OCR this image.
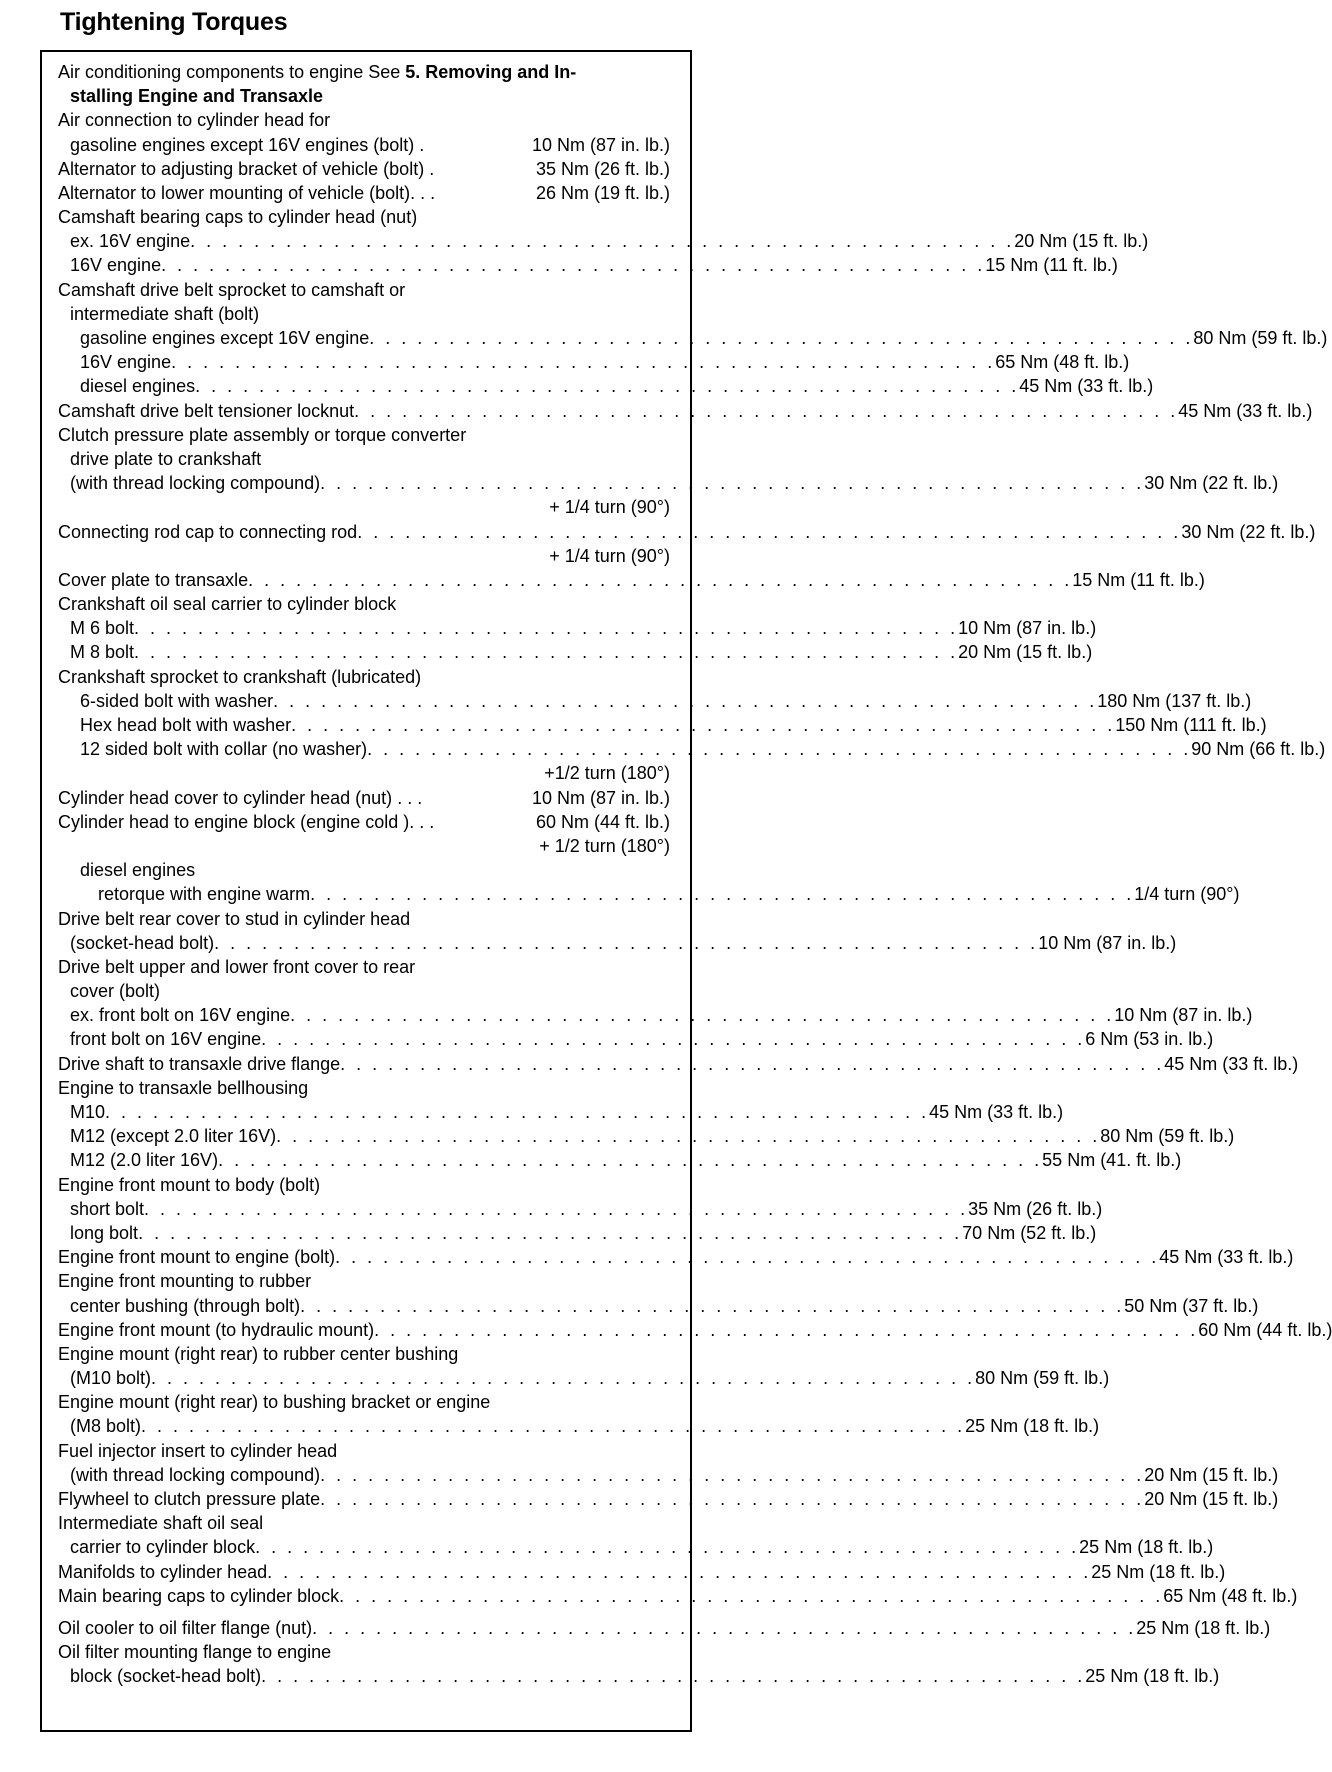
Tightening Torques
Air conditioning components to engine See 5. Removing and In-
stalling Engine and Transaxle
Air connection to cylinder head for
gasoline engines except 16V engines (bolt) .	10 Nm (87 in. lb.)
Alternator to adjusting bracket of vehicle (bolt) .	35 Nm (26 ft. lb.)
Alternator to lower mounting of vehicle (bolt) . . .	26 Nm (19 ft. lb.)
Camshaft bearing caps to cylinder head (nut)
ex. 16V engine . . . . . . . . . . . . . . . . . . . . . . . . . . . . . . . . . . . . . . . . . . . . . . . . . . . . 20 Nm (15 ft. lb.)
16V engine . . . . . . . . . . . . . . . . . . . . . . . . . . . . . . . . . . . . . . . . . . . . . . . . . . . . 15 Nm (11 ft. lb.)
Camshaft drive belt sprocket to camshaft or
intermediate shaft (bolt)
gasoline engines except 16V engine . . . . . . . . . . . . . . . . . . . . . . . . . . . . . . . . . . . . . . . . . . . . . . . . . . . . 80 Nm (59 ft. lb.)
16V engine . . . . . . . . . . . . . . . . . . . . . . . . . . . . . . . . . . . . . . . . . . . . . . . . . . . . 65 Nm (48 ft. lb.)
diesel engines . . . . . . . . . . . . . . . . . . . . . . . . . . . . . . . . . . . . . . . . . . . . . . . . . . . . 45 Nm (33 ft. lb.)
Camshaft drive belt tensioner locknut . . . . . . . . . . . . . . . . . . . . . . . . . . . . . . . . . . . . . . . . . . . . . . . . . . . . 45 Nm (33 ft. lb.)
Clutch pressure plate assembly or torque converter
drive plate to crankshaft
(with thread locking compound) . . . . . . . . . . . . . . . . . . . . . . . . . . . . . . . . . . . . . . . . . . . . . . . . . . . . 30 Nm (22 ft. lb.)
+ 1/4 turn (90°)
Connecting rod cap to connecting rod . . . . . . . . . . . . . . . . . . . . . . . . . . . . . . . . . . . . . . . . . . . . . . . . . . . . 30 Nm (22 ft. lb.)
+ 1/4 turn (90°)
Cover plate to transaxle . . . . . . . . . . . . . . . . . . . . . . . . . . . . . . . . . . . . . . . . . . . . . . . . . . . . 15 Nm (11 ft. lb.)
Crankshaft oil seal carrier to cylinder block
M 6 bolt . . . . . . . . . . . . . . . . . . . . . . . . . . . . . . . . . . . . . . . . . . . . . . . . . . . . 10 Nm (87 in. lb.)
M 8 bolt . . . . . . . . . . . . . . . . . . . . . . . . . . . . . . . . . . . . . . . . . . . . . . . . . . . . 20 Nm (15 ft. lb.)
Crankshaft sprocket to crankshaft (lubricated)
6-sided bolt with washer . . . . . . . . . . . . . . . . . . . . . . . . . . . . . . . . . . . . . . . . . . . . . . . . . . . . 180 Nm (137 ft. lb.)
Hex head bolt with washer . . . . . . . . . . . . . . . . . . . . . . . . . . . . . . . . . . . . . . . . . . . . . . . . . . . . 150 Nm (111 ft. lb.)
12 sided bolt with collar (no washer) . . . . . . . . . . . . . . . . . . . . . . . . . . . . . . . . . . . . . . . . . . . . . . . . . . . . 90 Nm (66 ft. lb.)
+1/2 turn (180°)
Cylinder head cover to cylinder head (nut) . . .	10 Nm (87 in. lb.)
Cylinder head to engine block (engine cold ) . . .	60 Nm (44 ft. lb.)
+ 1/2 turn (180°)
diesel engines
retorque with engine warm . . . . . . . . . . . . . . . . . . . . . . . . . . . . . . . . . . . . . . . . . . . . . . . . . . . . 1/4 turn (90°)
Drive belt rear cover to stud in cylinder head
(socket-head bolt) . . . . . . . . . . . . . . . . . . . . . . . . . . . . . . . . . . . . . . . . . . . . . . . . . . . . 10 Nm (87 in. lb.)
Drive belt upper and lower front cover to rear
cover (bolt)
ex. front bolt on 16V engine . . . . . . . . . . . . . . . . . . . . . . . . . . . . . . . . . . . . . . . . . . . . . . . . . . . . 10 Nm (87 in. lb.)
front bolt on 16V engine . . . . . . . . . . . . . . . . . . . . . . . . . . . . . . . . . . . . . . . . . . . . . . . . . . . . 6 Nm (53 in. lb.)
Drive shaft to transaxle drive flange . . . . . . . . . . . . . . . . . . . . . . . . . . . . . . . . . . . . . . . . . . . . . . . . . . . . 45 Nm (33 ft. lb.)
Engine to transaxle bellhousing
M10 . . . . . . . . . . . . . . . . . . . . . . . . . . . . . . . . . . . . . . . . . . . . . . . . . . . . 45 Nm (33 ft. lb.)
M12 (except 2.0 liter 16V) . . . . . . . . . . . . . . . . . . . . . . . . . . . . . . . . . . . . . . . . . . . . . . . . . . . . 80 Nm (59 ft. lb.)
M12 (2.0 liter 16V) . . . . . . . . . . . . . . . . . . . . . . . . . . . . . . . . . . . . . . . . . . . . . . . . . . . . 55 Nm (41. ft. lb.)
Engine front mount to body (bolt)
short bolt . . . . . . . . . . . . . . . . . . . . . . . . . . . . . . . . . . . . . . . . . . . . . . . . . . . . 35 Nm (26 ft. lb.)
long bolt . . . . . . . . . . . . . . . . . . . . . . . . . . . . . . . . . . . . . . . . . . . . . . . . . . . . 70 Nm (52 ft. lb.)
Engine front mount to engine (bolt) . . . . . . . . . . . . . . . . . . . . . . . . . . . . . . . . . . . . . . . . . . . . . . . . . . . . 45 Nm (33 ft. lb.)
Engine front mounting to rubber
center bushing (through bolt) . . . . . . . . . . . . . . . . . . . . . . . . . . . . . . . . . . . . . . . . . . . . . . . . . . . . 50 Nm (37 ft. lb.)
Engine front mount (to hydraulic mount) . . . . . . . . . . . . . . . . . . . . . . . . . . . . . . . . . . . . . . . . . . . . . . . . . . . . 60 Nm (44 ft. lb.)
Engine mount (right rear) to rubber center bushing
(M10 bolt) . . . . . . . . . . . . . . . . . . . . . . . . . . . . . . . . . . . . . . . . . . . . . . . . . . . . 80 Nm (59 ft. lb.)
Engine mount (right rear) to bushing bracket or engine
(M8 bolt) . . . . . . . . . . . . . . . . . . . . . . . . . . . . . . . . . . . . . . . . . . . . . . . . . . . . 25 Nm (18 ft. lb.)
Fuel injector insert to cylinder head
(with thread locking compound) . . . . . . . . . . . . . . . . . . . . . . . . . . . . . . . . . . . . . . . . . . . . . . . . . . . . 20 Nm (15 ft. lb.)
Flywheel to clutch pressure plate . . . . . . . . . . . . . . . . . . . . . . . . . . . . . . . . . . . . . . . . . . . . . . . . . . . . 20 Nm (15 ft. lb.)
Intermediate shaft oil seal
carrier to cylinder block . . . . . . . . . . . . . . . . . . . . . . . . . . . . . . . . . . . . . . . . . . . . . . . . . . . . 25 Nm (18 ft. lb.)
Manifolds to cylinder head . . . . . . . . . . . . . . . . . . . . . . . . . . . . . . . . . . . . . . . . . . . . . . . . . . . . 25 Nm (18 ft. lb.)
Main bearing caps to cylinder block . . . . . . . . . . . . . . . . . . . . . . . . . . . . . . . . . . . . . . . . . . . . . . . . . . . . 65 Nm (48 ft. lb.)
Oil cooler to oil filter flange (nut) . . . . . . . . . . . . . . . . . . . . . . . . . . . . . . . . . . . . . . . . . . . . . . . . . . . . 25 Nm (18 ft. lb.)
Oil filter mounting flange to engine
block (socket-head bolt) . . . . . . . . . . . . . . . . . . . . . . . . . . . . . . . . . . . . . . . . . . . . . . . . . . . . 25 Nm (18 ft. lb.)
